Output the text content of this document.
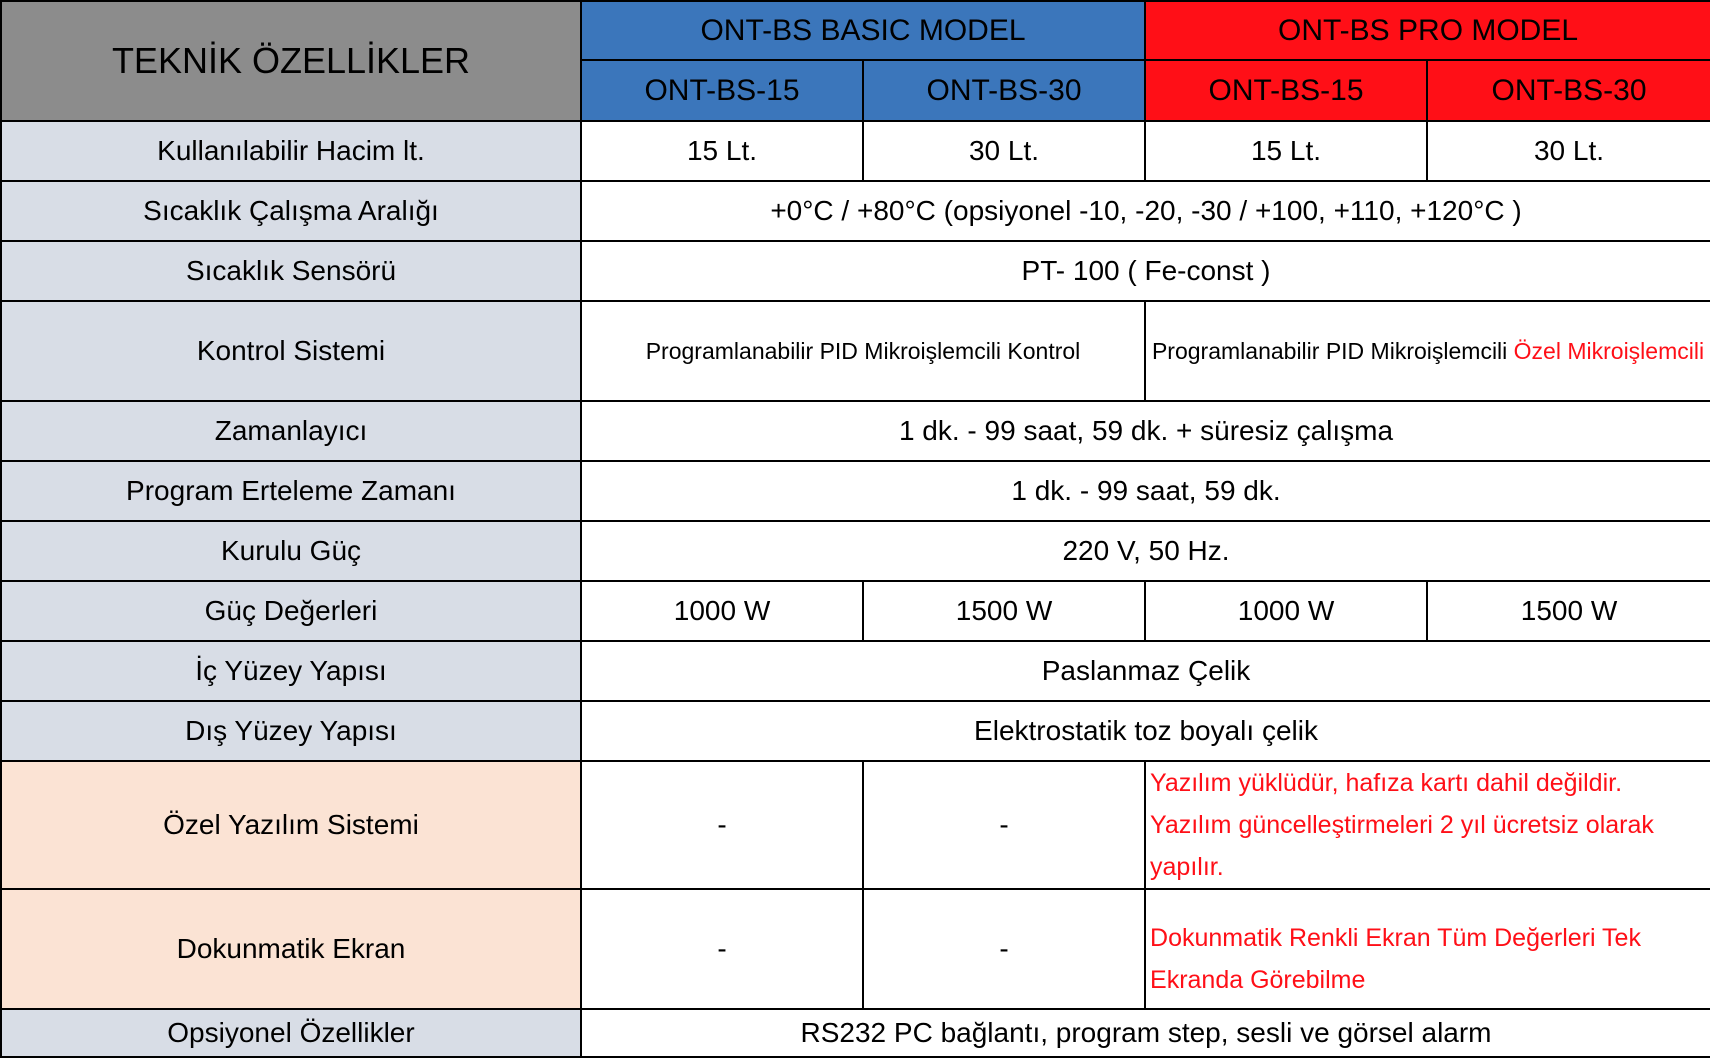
TEKNİK ÖZELLİKLER	ONT-BS BASIC MODEL		ONT-BS PRO MODEL	
	ONT-BS-15	ONT-BS-30	ONT-BS-15	ONT-BS-30
Kullanılabilir Hacim lt.	15 Lt.	30 Lt.	15 Lt.	30 Lt.
Sıcaklık Çalışma Aralığı	+0°C / +80°C (opsiyonel -10, -20, -30 / +100, +110, +120°C )			
Sıcaklık Sensörü	PT- 100 ( Fe-const )			
Kontrol Sistemi	Programlanabilir PID Mikroişlemcili Kontrol		Programlanabilir PID Mikroişlemcili Özel Mikroişlemcili	
Zamanlayıcı	1 dk. - 99 saat, 59 dk. + süresiz çalışma			
Program Erteleme Zamanı	1 dk. - 99 saat, 59 dk.			
Kurulu Güç	220 V, 50 Hz.			
Güç Değerleri	1000 W	1500 W	1000 W	1500 W
İç Yüzey Yapısı	Paslanmaz Çelik			
Dış Yüzey Yapısı	Elektrostatik toz boyalı çelik			
Özel Yazılım Sistemi	-	-	Yazılım yüklüdür, hafıza kartı dahil değildir. Yazılım güncelleştirmeleri 2 yıl ücretsiz olarak yapılır.	
Dokunmatik Ekran	-	-	Dokunmatik Renkli Ekran Tüm Değerleri Tek Ekranda Görebilme	
Opsiyonel Özellikler	RS232 PC bağlantı, program step, sesli ve görsel alarm			
